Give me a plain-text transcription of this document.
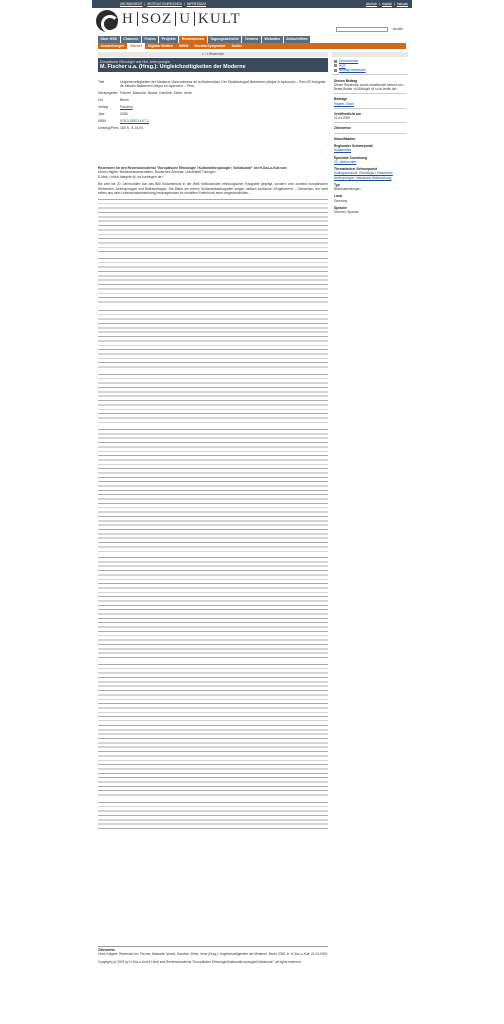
ABONNEMENT | BEITRAG EINREICHEN | IMPRESSUM	deutsch | english | français
H SOZ U KULT
suchen
Über HSK	Chancen	Forum	Projekte	Rezensionen	Tagungsberichte	Termine	Websites	Zeitschriften
Ausstellungen	Bücher	Digitale Medien	WWW	Review-Symposien	Archiv
1 / 1 Rezension
Europäische Ethnologie und Hist. Anthropologie
M. Fischer u.a. (Hrsg.): Ungleichzeitigkeiten der Moderne
Titel	Ungleichzeitigkeiten der Moderne /Asicronismos de la Modernidad. Der Studiofotograf Baldomero Alejos in Ayacucho – Peru /El fotógrafo de estudio Baldomero Alejos en Ayacucho – Peru
Herausgeber Fischer, Manuela; Noack, Karoline; Ziehe, Irene
Ort	Berlin
Verlag	Panama
Jahr	2008
ISBN	978-3-938714-07-2
Umfang/Preis 160 S., € 24,00

Rezensiert für den Rezensionsdienst "Europäische Ethnologie / Kulturanthropologie / Volkskunde" bei H-Soz-u-Kult von:

Ulrich Hägele, Medienwissenschaften, Deutsches Seminar, Universität Tübingen

E-Mail: <ulrich.haegele @ uni-tuebingen.de>

Bis weit ins 20. Jahrhundert war das Bild Südamerikas in der Welt frühkolonialer ethnologischer Fotografie geprägt, sondern vom zumeist europäischen Reisenden, Anthropologen und Bildreportagen. Die Bilder der frühen Südamerikafotografen zeigen vielfach exotische „Eingeborene“ – Menschen, die nicht selten aus dem Lebenszusammenhang herausgerissen im modellen Freifeld mit einer eingeschränkten ...

Zitierweise

Ulrich Hägele: Rezension zu: Fischer, Manuela; Noack, Karoline; Ziehe, Irene (Hrsg.): Ungleichzeitigkeiten der Moderne. Berlin 2008, in: H-Soz-u-Kult, 21.04.2009.

Copyright (c) 2009 by H-Soz-u-Kult (H-Net) and Rezensionsdienst "Europäische Ethnologie/Kulturanthropologie/Volkskunde", all rights reserved.

Druckversion
PDF
Beitrag versenden
Diesen Beitrag
Dieser Rezension wurde redaktionell betreut von: Beate Binder <h2446cgfh @ rz.hu-berlin.de>
Beiträge
Hägele, Ulrich
Veröffentlicht am
21.04.2009
Zitierweise
Klassifikation
Regionaler Schwerpunkt
Südamerika
Epochale Zuordnung
20. Jahrhundert
Thematischer Schwerpunkt
Kulturgeschichte, Ethnologie / Historische Anthropologie, Historische Bildforschung
Typ
Bildersammlungen
Land
Germany
Sprache
German, Spanish
